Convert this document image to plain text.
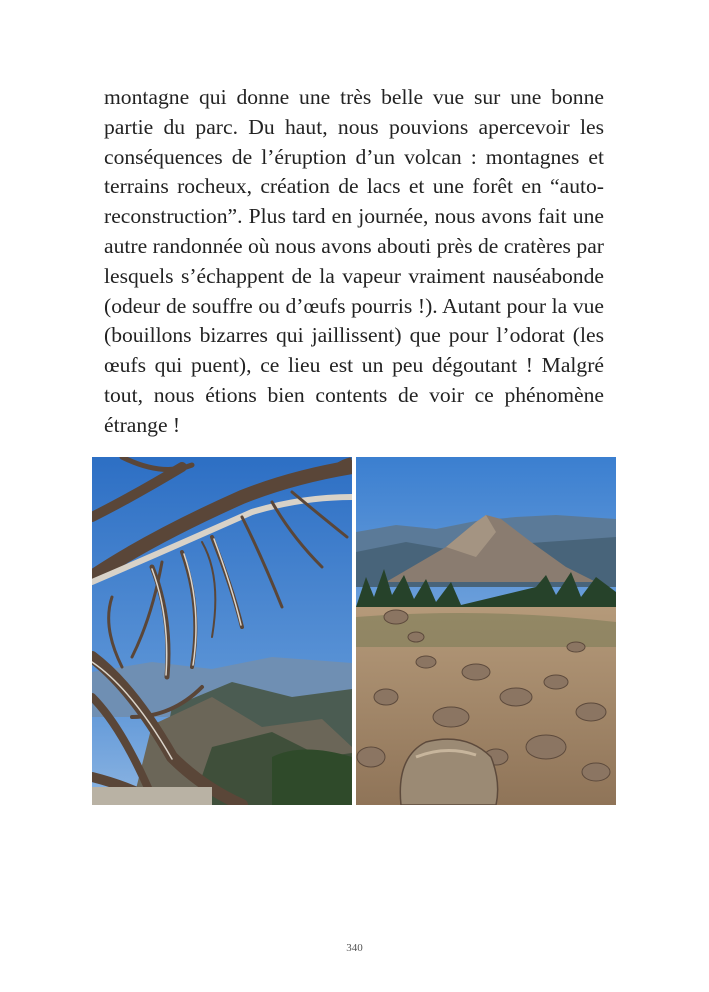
montagne qui donne une très belle vue sur une bonne partie du parc. Du haut, nous pouvions apercevoir les conséquences de l’éruption d’un volcan : montagnes et terrains rocheux, création de lacs et une forêt en “auto-reconstruction”. Plus tard en journée, nous avons fait une autre randonnée où nous avons abouti près de cratères par lesquels s’échappent de la vapeur vraiment nauséabonde (odeur de souffre ou d’œufs pourris !). Autant pour la vue (bouillons bizarres qui jaillissent) que pour l’odorat (les œufs qui puent), ce lieu est un peu dégoutant ! Malgré tout, nous étions bien contents de voir ce phénomène étrange !

340
